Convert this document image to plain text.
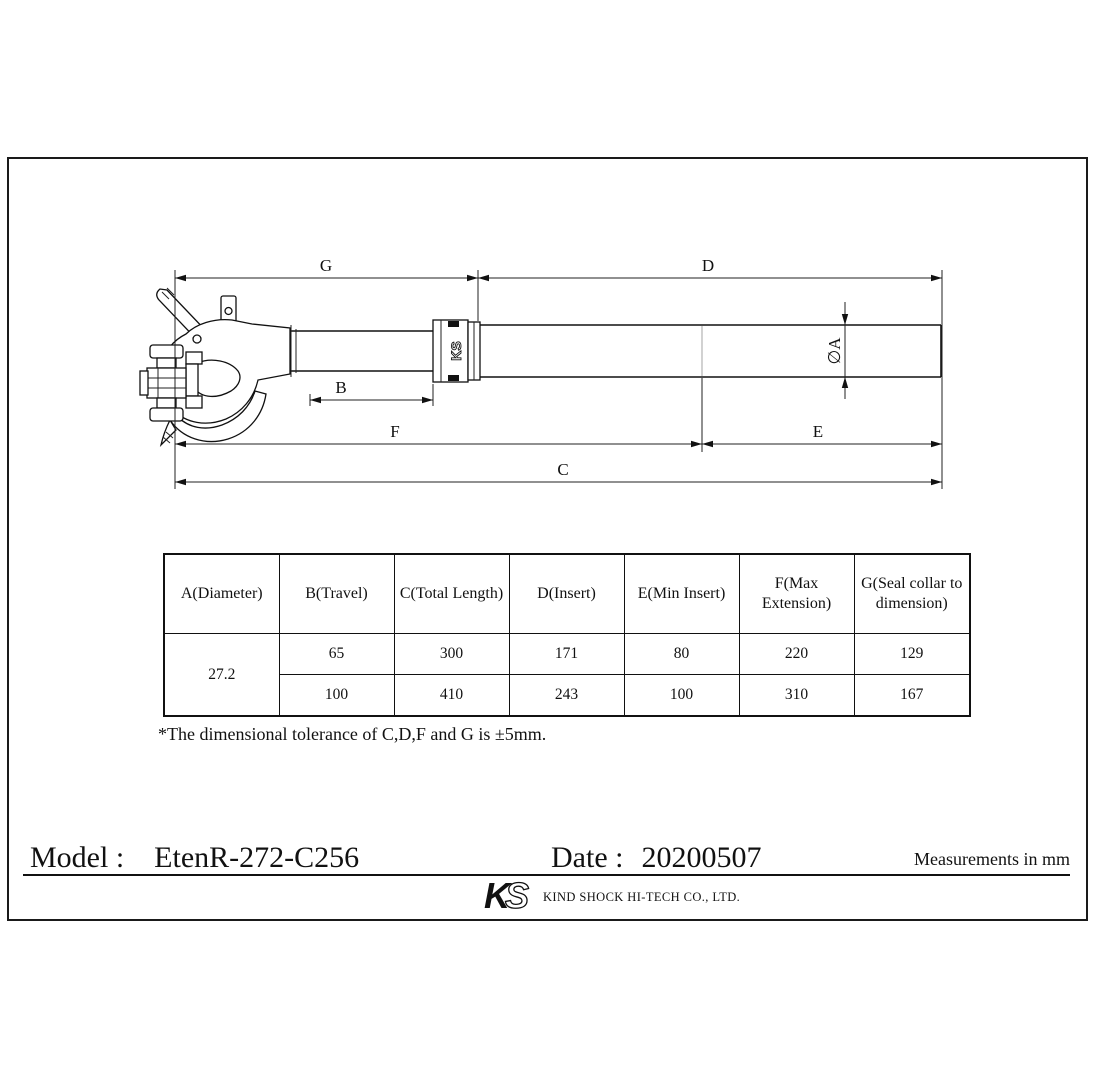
KS
G	D
B
F	E
C
∅A
A(Diameter)	B(Travel)	C(Total Length)	D(Insert)	E(Min Insert)	F(Max Extension)	G(Seal collar to dimension)
27.2	65	300	171	80	220	129
	100	410	243	100	310	167
*The dimensional tolerance of C,D,F and G is ±5mm.
Model : EtenR-272-C256	Date : 20200507	Measurements in mm
K
S KIND SHOCK HI-TECH CO., LTD.
